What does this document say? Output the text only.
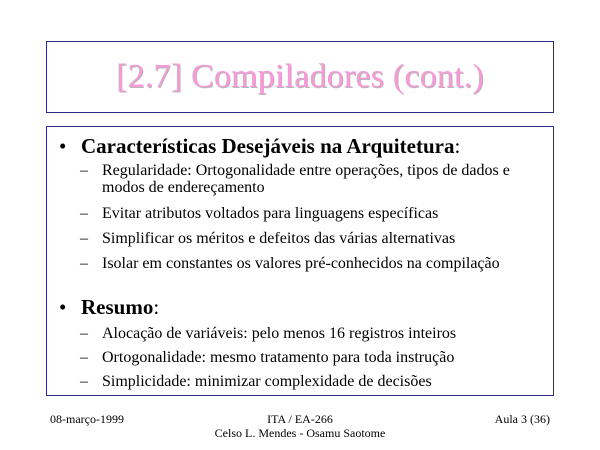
[2.7] Compiladores (cont.)
• Características Desejáveis na Arquitetura:
– Regularidade: Ortogonalidade entre operações, tipos de dados e modos de endereçamento
– Evitar atributos voltados para linguagens específicas
– Simplificar os méritos e defeitos das várias alternativas
– Isolar em constantes os valores pré-conhecidos na compilação
• Resumo:
– Alocação de variáveis: pelo menos 16 registros inteiros
– Ortogonalidade: mesmo tratamento para toda instrução
– Simplicidade: minimizar complexidade de decisões
08-março-1999	ITA / EA-266
Celso L. Mendes - Osamu Saotome
Aula 3 (36)
